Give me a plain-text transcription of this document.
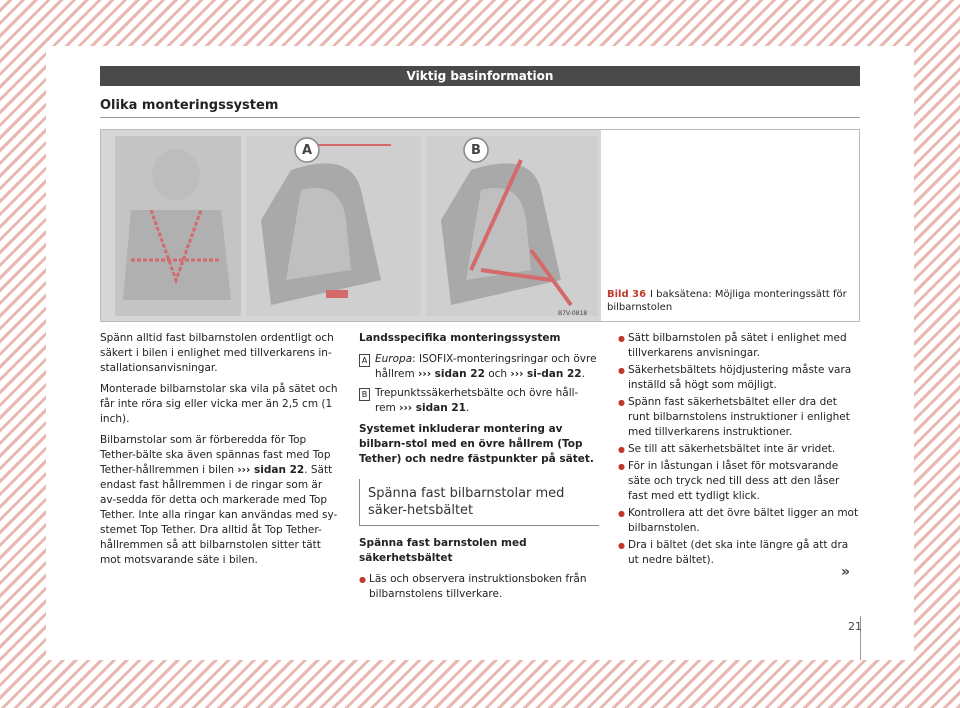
Viktig basinformation
Olika monteringssystem
A	B
B7V-0818
Bild 36 I baksätena: Möjliga monteringssätt för bilbarnstolen

Spänn alltid fast bilbarnstolen ordentligt och säkert i bilen i enlighet med tillverkarens in-stallationsanvisningar.

Monterade bilbarnstolar ska vila på sätet och får inte röra sig eller vicka mer än 2,5 cm (1 inch).

Bilbarnstolar som är förberedda för Top Tether-bälte ska även spännas fast med Top Tether-hållremmen i bilen ››› sidan 22. Sätt endast fast hållremmen i de ringar som är av-sedda för detta och markerade med Top Tether. Inte alla ringar kan användas med sy-stemet Top Tether. Dra alltid åt Top Tether-hållremmen så att bilbarnstolen sitter tätt mot motsvarande säte i bilen.

Landsspecifika monteringssystem
A Europa: ISOFIX-monteringsringar och övre hållrem ››› sidan 22 och ››› si-dan 22.
B Trepunktssäkerhetsbälte och övre håll-rem ››› sidan 21.

Systemet inkluderar montering av bilbarn-stol med en övre hållrem (Top Tether) och nedre fästpunkter på sätet.

Spänna fast bilbarnstolar med säker-hetsbältet
Spänna fast barnstolen med säkerhetsbältet
● Läs och observera instruktionsboken från bilbarnstolens tillverkare.
● Sätt bilbarnstolen på sätet i enlighet med tillverkarens anvisningar.
● Säkerhetsbältets höjdjustering måste vara inställd så högt som möjligt.
● Spänn fast säkerhetsbältet eller dra det runt bilbarnstolens instruktioner i enlighet med tillverkarens instruktioner.
● Se till att säkerhetsbältet inte är vridet.
● För in låstungan i låset för motsvarande säte och tryck ned till dess att den låser fast med ett tydligt klick.
● Kontrollera att det övre bältet ligger an mot bilbarnstolen.
● Dra i bältet (det ska inte längre gå att dra ut nedre bältet).
»
21
